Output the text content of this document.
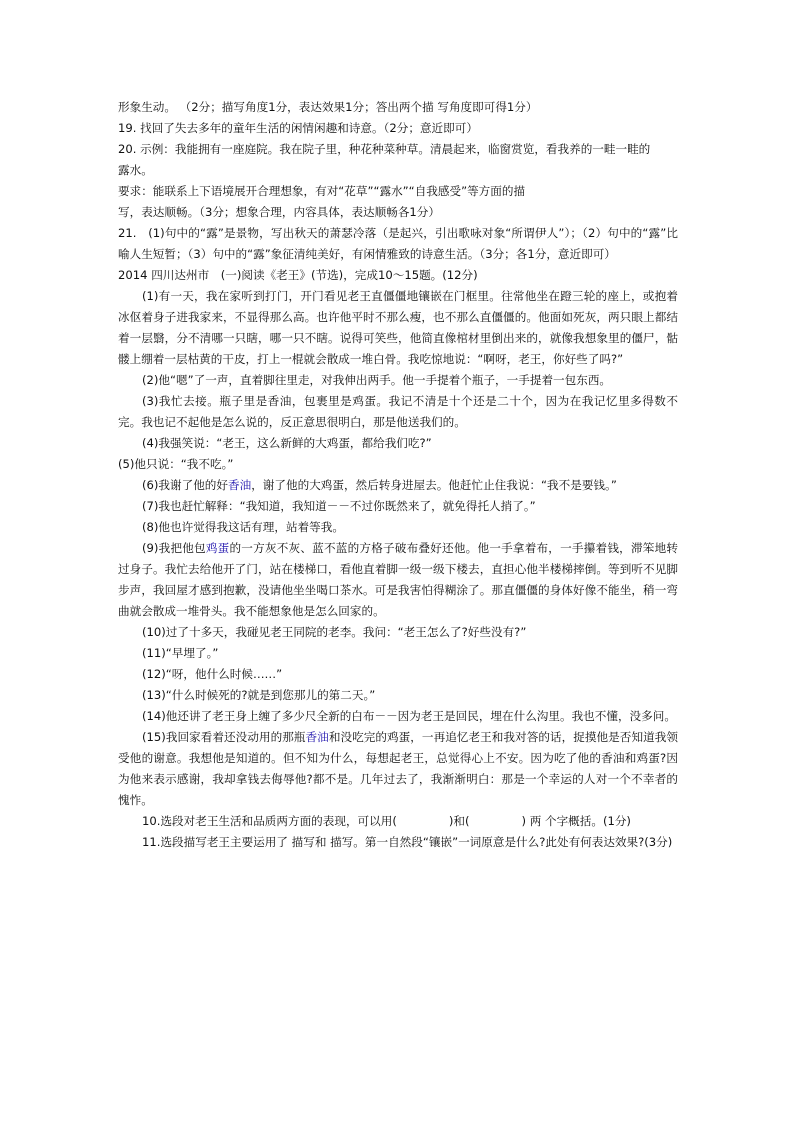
形象生动。 （2分；描写角度1分，表达效果1分；答出两个描 写角度即可得1分）
19. 找回了失去多年的童年生活的闲情闲趣和诗意。（2分；意近即可）
20. 示例：我能拥有一座庭院。我在院子里，种花种菜种草。清晨起来，临窗赏览，看我养的一畦一畦的
露水。
要求：能联系上下语境展开合理想象，有对“花草”“露水”“自我感受”等方面的描
写，表达顺畅。（3分；想象合理，内容具体，表达顺畅各1分）
21.　(1)句中的“露”是景物，写出秋天的萧瑟冷落（是起兴，引出歌咏对象“所谓伊人”）；（2）句中的“露”比喻人生短暂；（3）句中的“露”象征清纯美好，有闲情雅致的诗意生活。（3分；各1分，意近即可）
2014 四川达州市　(一)阅读《老王》(节选)，完成10～15题。(12分)
(1)有一天，我在家听到打门，开门看见老王直僵僵地镶嵌在门框里。往常他坐在蹬三轮的座上，或抱着冰伛着身子进我家来，不显得那么高。也许他平时不那么瘦，也不那么直僵僵的。他面如死灰，两只眼上都结着一层翳，分不清哪一只瞎，哪一只不瞎。说得可笑些，他简直像棺材里倒出来的，就像我想象里的僵尸，骷髅上绷着一层枯黄的干皮，打上一棍就会散成一堆白骨。我吃惊地说：“啊呀，老王，你好些了吗?”
(2)他“嗯”了一声，直着脚往里走，对我伸出两手。他一手提着个瓶子，一手提着一包东西。
(3)我忙去接。瓶子里是香油，包裹里是鸡蛋。我记不清是十个还是二十个，因为在我记忆里多得数不完。我也记不起他是怎么说的，反正意思很明白，那是他送我们的。
(4)我强笑说：“老王，这么新鲜的大鸡蛋，都给我们吃?”
(5)他只说：“我不吃。”
(6)我谢了他的好香油，谢了他的大鸡蛋，然后转身进屋去。他赶忙止住我说：“我不是要钱。”
(7)我也赶忙解释：“我知道，我知道－－不过你既然来了，就免得托人捎了。”
(8)他也许觉得我这话有理，站着等我。
(9)我把他包鸡蛋的一方灰不灰、蓝不蓝的方格子破布叠好还他。他一手拿着布，一手攥着钱，滞笨地转过身子。我忙去给他开了门，站在楼梯口，看他直着脚一级一级下楼去，直担心他半楼梯摔倒。等到听不见脚步声，我回屋才感到抱歉，没请他坐坐喝口茶水。可是我害怕得糊涂了。那直僵僵的身体好像不能坐，稍一弯曲就会散成一堆骨头。我不能想象他是怎么回家的。
(10)过了十多天，我碰见老王同院的老李。我问：“老王怎么了?好些没有?”
(11)“早埋了。”
(12)“呀，他什么时候……”
(13)“什么时候死的?就是到您那儿的第二天。”
(14)他还讲了老王身上缠了多少尺全新的白布－－因为老王是回民，埋在什么沟里。我也不懂，没多问。
(15)我回家看着还没动用的那瓶香油和没吃完的鸡蛋，一再追忆老王和我对答的话，捉摸他是否知道我领受他的谢意。我想他是知道的。但不知为什么，每想起老王，总觉得心上不安。因为吃了他的香油和鸡蛋?因为他来表示感谢，我却拿钱去侮辱他?都不是。几年过去了，我渐渐明白：那是一个幸运的人对一个不幸者的愧怍。
10.选段对老王生活和品质两方面的表现，可以用(	)和(	) 两 个字概括。(1分)
11.选段描写老王主要运用了 描写和 描写。第一自然段“镶嵌”一词原意是什么?此处有何表达效果?(3分)
